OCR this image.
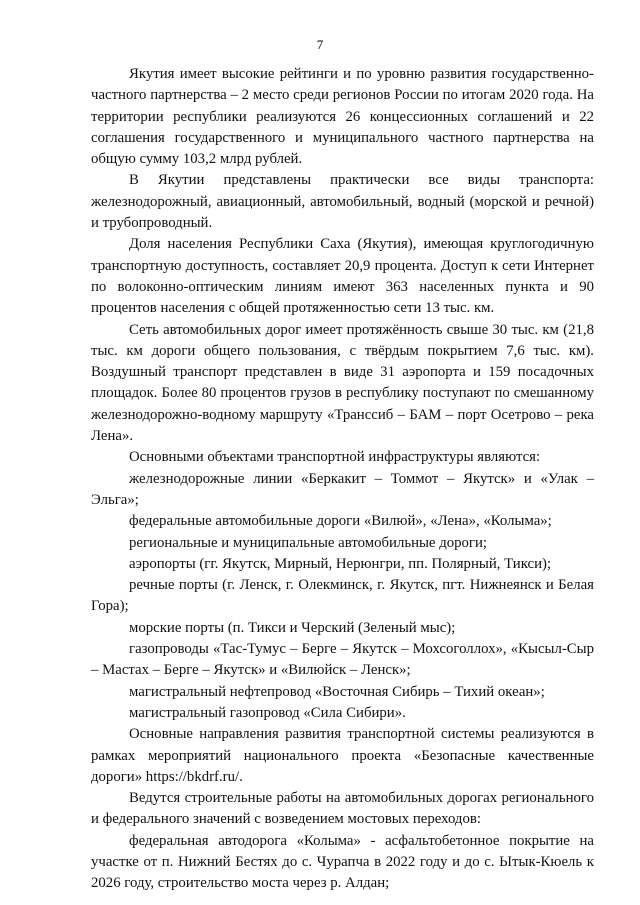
7

Якутия имеет высокие рейтинги и по уровню развития государственно-частного партнерства – 2 место среди регионов России по итогам 2020 года. На территории республики реализуются 26 концессионных соглашений и 22 соглашения государственного и муниципального частного партнерства на общую сумму 103,2 млрд рублей.

В Якутии представлены практически все виды транспорта: железнодорожный, авиационный, автомобильный, водный (морской и речной) и трубопроводный.

Доля населения Республики Саха (Якутия), имеющая круглогодичную транспортную доступность, составляет 20,9 процента. Доступ к сети Интернет по волоконно-оптическим линиям имеют 363 населенных пункта и 90 процентов населения с общей протяженностью сети 13 тыс. км.

Сеть автомобильных дорог имеет протяжённость свыше 30 тыс. км (21,8 тыс. км дороги общего пользования, с твёрдым покрытием 7,6 тыс. км). Воздушный транспорт представлен в виде 31 аэропорта и 159 посадочных площадок. Более 80 процентов грузов в республику поступают по смешанному железнодорожно-водному маршруту «Транссиб – БАМ – порт Осетрово – река Лена».

Основными объектами транспортной инфраструктуры являются:

железнодорожные линии «Беркакит – Томмот – Якутск» и «Улак – Эльга»;

федеральные автомобильные дороги «Вилюй», «Лена», «Колыма»;

региональные и муниципальные автомобильные дороги;

аэропорты (гг. Якутск, Мирный, Нерюнгри, пп. Полярный, Тикси);

речные порты (г. Ленск, г. Олекминск, г. Якутск, пгт. Нижнеянск и Белая Гора);

морские порты (п. Тикси и Черский (Зеленый мыс);

газопроводы «Тас-Тумус – Берге – Якутск – Мохсоголлох», «Кысыл-Сыр – Мастах – Берге – Якутск» и «Вилюйск – Ленск»;

магистральный нефтепровод «Восточная Сибирь – Тихий океан»;

магистральный газопровод «Сила Сибири».

Основные направления развития транспортной системы реализуются в рамках мероприятий национального проекта «Безопасные качественные дороги» https://bkdrf.ru/.

Ведутся строительные работы на автомобильных дорогах регионального и федерального значений с возведением мостовых переходов:

федеральная автодорога «Колыма» - асфальтобетонное покрытие на участке от п. Нижний Бестях до с. Чурапча в 2022 году и до с. Ытык-Кюель к 2026 году, строительство моста через р. Алдан;
